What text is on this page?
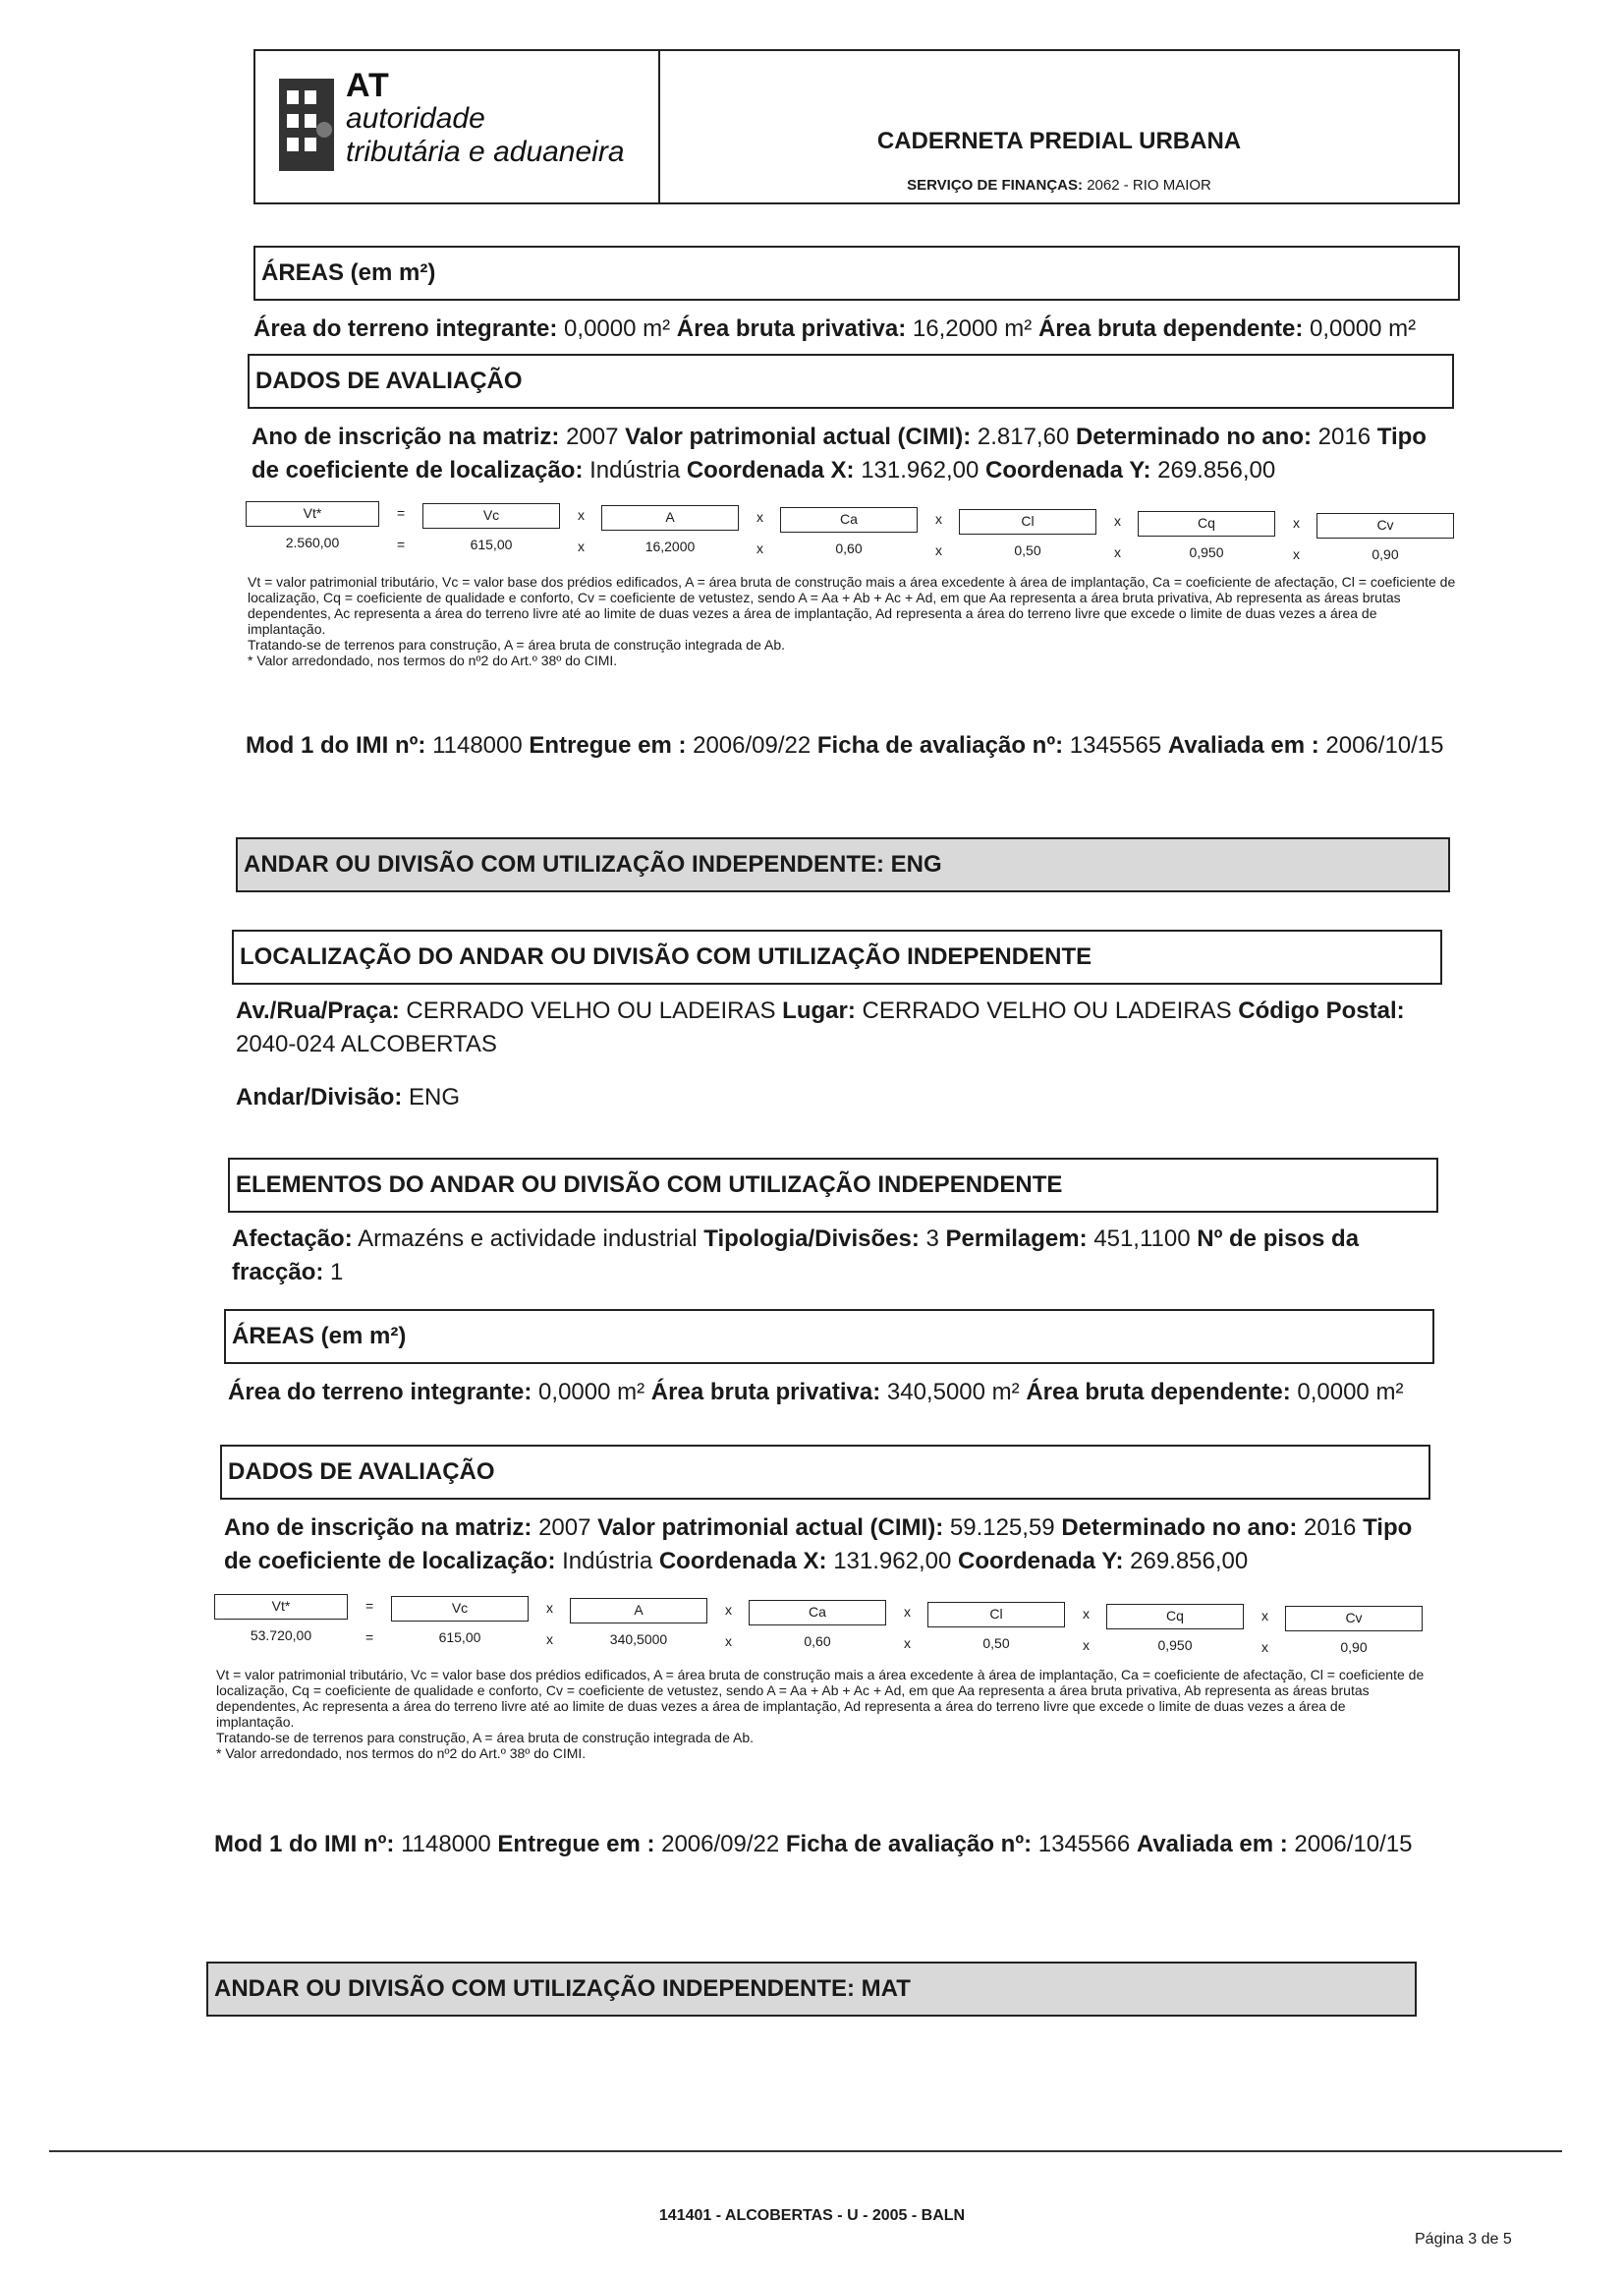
AT
autoridade
tributária e aduaneira	CADERNETA PREDIAL URBANA
SERVIÇO DE FINANÇAS: 2062 - RIO MAIOR
ÁREAS (em m²)
Área do terreno integrante: 0,0000 m² Área bruta privativa: 16,2000 m² Área bruta dependente: 0,0000 m²
DADOS DE AVALIAÇÃO
Ano de inscrição na matriz: 2007 Valor patrimonial actual (CIMI): 2.817,60 Determinado no ano: 2016 Tipo de coeficiente de localização: Indústria Coordenada X: 131.962,00 Coordenada Y: 269.856,00
Vt*	=	Vc	x	A	x	Ca	x	Cl	x	Cq	x	Cv
2.560,00	=	615,00	x	16,2000	x	0,60	x	0,50	x	0,950	x	0,90
Vt = valor patrimonial tributário, Vc = valor base dos prédios edificados, A = área bruta de construção mais a área excedente à área de implantação, Ca = coeficiente de afectação, Cl = coeficiente de localização, Cq = coeficiente de qualidade e conforto, Cv = coeficiente de vetustez, sendo A = Aa + Ab + Ac + Ad, em que Aa representa a área bruta privativa, Ab representa as áreas brutas dependentes, Ac representa a área do terreno livre até ao limite de duas vezes a área de implantação, Ad representa a área do terreno livre que excede o limite de duas vezes a área de implantação.
Tratando-se de terrenos para construção, A = área bruta de construção integrada de Ab.
* Valor arredondado, nos termos do nº2 do Art.º 38º do CIMI.
Mod 1 do IMI nº: 1148000 Entregue em : 2006/09/22 Ficha de avaliação nº: 1345565 Avaliada em : 2006/10/15
ANDAR OU DIVISÃO COM UTILIZAÇÃO INDEPENDENTE: ENG
LOCALIZAÇÃO DO ANDAR OU DIVISÃO COM UTILIZAÇÃO INDEPENDENTE
Av./Rua/Praça: CERRADO VELHO OU LADEIRAS Lugar: CERRADO VELHO OU LADEIRAS Código Postal: 2040-024 ALCOBERTAS
Andar/Divisão: ENG
ELEMENTOS DO ANDAR OU DIVISÃO COM UTILIZAÇÃO INDEPENDENTE
Afectação: Armazéns e actividade industrial Tipologia/Divisões: 3 Permilagem: 451,1100 Nº de pisos da fracção: 1
ÁREAS (em m²)
Área do terreno integrante: 0,0000 m² Área bruta privativa: 340,5000 m² Área bruta dependente: 0,0000 m²
DADOS DE AVALIAÇÃO
Ano de inscrição na matriz: 2007 Valor patrimonial actual (CIMI): 59.125,59 Determinado no ano: 2016 Tipo de coeficiente de localização: Indústria Coordenada X: 131.962,00 Coordenada Y: 269.856,00
Vt*	=	Vc	x	A	x	Ca	x	Cl	x	Cq	x	Cv
53.720,00	=	615,00	x	340,5000	x	0,60	x	0,50	x	0,950	x	0,90
Vt = valor patrimonial tributário, Vc = valor base dos prédios edificados, A = área bruta de construção mais a área excedente à área de implantação, Ca = coeficiente de afectação, Cl = coeficiente de localização, Cq = coeficiente de qualidade e conforto, Cv = coeficiente de vetustez, sendo A = Aa + Ab + Ac + Ad, em que Aa representa a área bruta privativa, Ab representa as áreas brutas dependentes, Ac representa a área do terreno livre até ao limite de duas vezes a área de implantação, Ad representa a área do terreno livre que excede o limite de duas vezes a área de implantação.
Tratando-se de terrenos para construção, A = área bruta de construção integrada de Ab.
* Valor arredondado, nos termos do nº2 do Art.º 38º do CIMI.
Mod 1 do IMI nº: 1148000 Entregue em : 2006/09/22 Ficha de avaliação nº: 1345566 Avaliada em : 2006/10/15
ANDAR OU DIVISÃO COM UTILIZAÇÃO INDEPENDENTE: MAT
141401 - ALCOBERTAS - U - 2005 - BALN
Página 3 de 5
